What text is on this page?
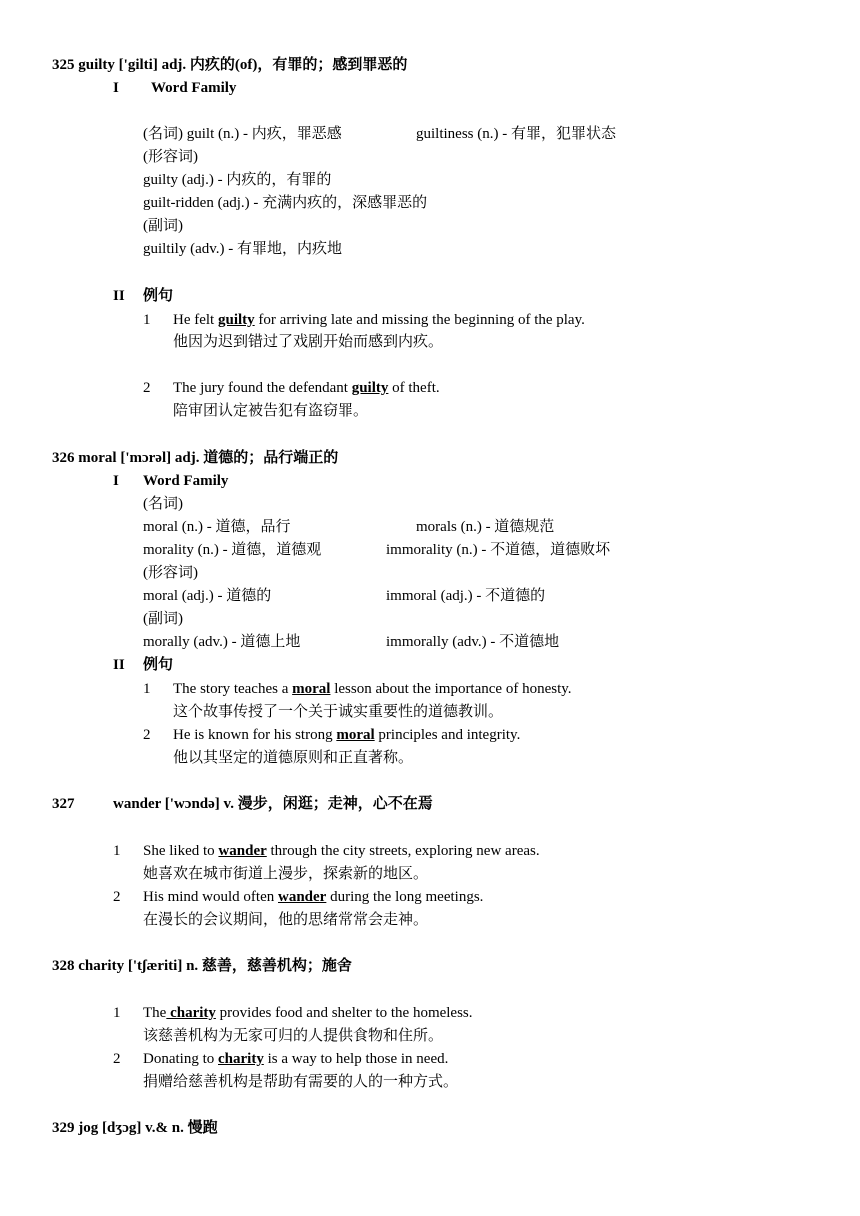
325 guilty ['gilti] adj. 内疚的(of)，有罪的；感到罪恶的
I Word Family
(名词) guilt (n.) - 内疚，罪恶感	guiltiness (n.) - 有罪，犯罪状态
(形容词)
guilty (adj.) - 内疚的，有罪的
guilt-ridden (adj.) - 充满内疚的，深感罪恶的
(副词)
guiltily (adv.) - 有罪地，内疚地
II 例句
1 He felt guilty for arriving late and missing the beginning of the play.
他因为迟到错过了戏剧开始而感到内疚。
2 The jury found the defendant guilty of theft.
陪审团认定被告犯有盗窃罪。
326 moral ['mɔrəl] adj. 道德的；品行端正的
I Word Family
(名词)
moral (n.) - 道德，品行	morals (n.) - 道德规范
morality (n.) - 道德，道德观	immorality (n.) - 不道德，道德败坏
(形容词)
moral (adj.) - 道德的	immoral (adj.) - 不道德的
(副词)
morally (adv.) - 道德上地	immorally (adv.) - 不道德地
II 例句
1 The story teaches a moral lesson about the importance of honesty.
这个故事传授了一个关于诚实重要性的道德教训。
2 He is known for his strong moral principles and integrity.
他以其坚定的道德原则和正直著称。
327	wander ['wɔndə] v. 漫步，闲逛；走神，心不在焉
1 She liked to wander through the city streets, exploring new areas.
她喜欢在城市街道上漫步，探索新的地区。
2 His mind would often wander during the long meetings.
在漫长的会议期间，他的思绪常常会走神。
328 charity ['tʃæriti] n. 慈善，慈善机构；施舍
1 The charity provides food and shelter to the homeless.
该慈善机构为无家可归的人提供食物和住所。
2 Donating to charity is a way to help those in need.
捐赠给慈善机构是帮助有需要的人的一种方式。
329 jog [dʒɔg] v.& n. 慢跑
